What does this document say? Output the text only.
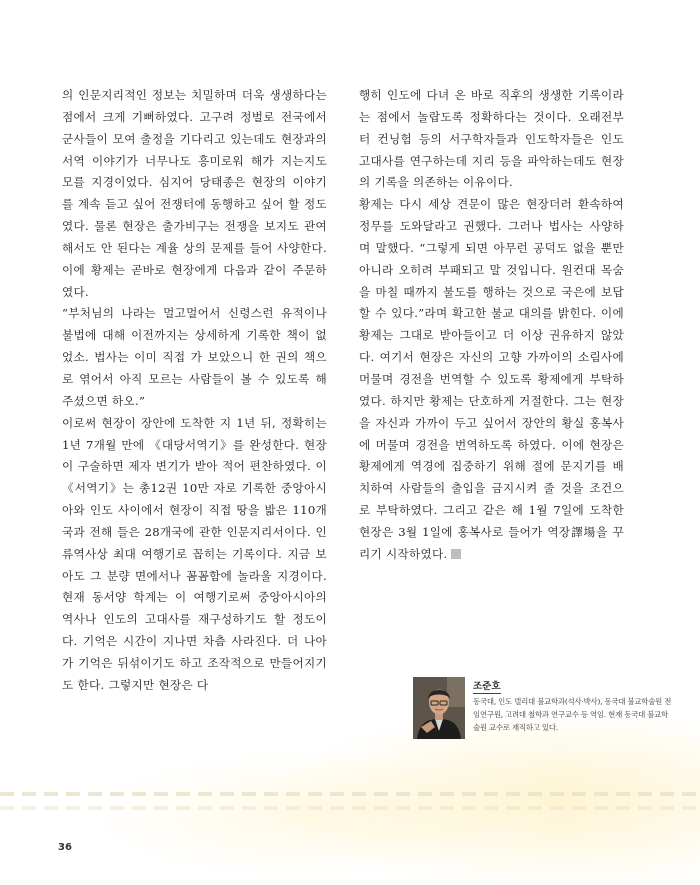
의 인문지리적인 정보는 치밀하며 더욱 생생하다는 점에서 크게 기뻐하였다. 고구려 정벌로 전국에서 군사들이 모여 출정을 기다리고 있는데도 현장과의 서역 이야기가 너무나도 흥미로워 해가 지는지도 모를 지경이었다. 심지어 당태종은 현장의 이야기를 계속 듣고 싶어 전쟁터에 동행하고 싶어 할 정도였다. 물론 현장은 출가비구는 전쟁을 보지도 관여해서도 안 된다는 계율 상의 문제를 들어 사양한다. 이에 황제는 곧바로 현장에게 다음과 같이 주문하였다.

“부처님의 나라는 멀고멀어서 신령스런 유적이나 불법에 대해 이전까지는 상세하게 기록한 책이 없었소. 법사는 이미 직접 가 보았으니 한 권의 책으로 엮어서 아직 모르는 사람들이 볼 수 있도록 해 주셨으면 하오.”

이로써 현장이 장안에 도착한 지 1년 뒤, 정확히는 1년 7개월 만에 《대당서역기》를 완성한다. 현장이 구술하면 제자 변기가 받아 적어 편찬하였다. 이 《서역기》는 총12권 10만 자로 기록한 중앙아시아와 인도 사이에서 현장이 직접 땅을 밟은 110개국과 전해 들은 28개국에 관한 인문지리서이다. 인류역사상 최대 여행기로 꼽히는 기록이다. 지금 보아도 그 분량 면에서나 꼼꼼함에 놀라울 지경이다. 현재 동서양 학계는 이 여행기로써 중앙아시아의 역사나 인도의 고대사를 재구성하기도 할 정도이다. 기억은 시간이 지나면 차츰 사라진다. 더 나아가 기억은 뒤섞이기도 하고 조작적으로 만들어지기도 한다. 그렇지만 현장은 다

행히 인도에 다녀 온 바로 직후의 생생한 기록이라는 점에서 놀랍도록 정확하다는 것이다. 오래전부터 컨닝험 등의 서구학자들과 인도학자들은 인도 고대사를 연구하는데 지리 등을 파악하는데도 현장의 기록을 의존하는 이유이다.

황제는 다시 세상 견문이 많은 현장더러 환속하여 정무를 도와달라고 권했다. 그러나 법사는 사양하며 말했다. “그렇게 되면 아무런 공덕도 없을 뿐만 아니라 오히려 부패되고 말 것입니다. 원컨대 목숨을 마칠 때까지 불도를 행하는 것으로 국은에 보답할 수 있다.”라며 확고한 불교 대의를 밝힌다. 이에 황제는 그대로 받아들이고 더 이상 권유하지 않았다. 여기서 현장은 자신의 고향 가까이의 소림사에 머물며 경전을 번역할 수 있도록 황제에게 부탁하였다. 하지만 황제는 단호하게 거절한다. 그는 현장을 자신과 가까이 두고 싶어서 장안의 황실 홍복사에 머물며 경전을 번역하도록 하였다. 이에 현장은 황제에게 역경에 집중하기 위해 절에 문지기를 배치하여 사람들의 출입을 금지시켜 줄 것을 조건으로 부탁하였다. 그리고 같은 해 1월 7일에 도착한 현장은 3월 1일에 홍복사로 들어가 역장譯場을 꾸리기 시작하였다.

조준호
동국대, 인도 델리대 불교학과(석사·박사), 동국대 불교학술원 전임연구원, 고려대 철학과 연구교수 등 역임. 현재 동국대 불교학술원 교수로 재직하고 있다.
36
